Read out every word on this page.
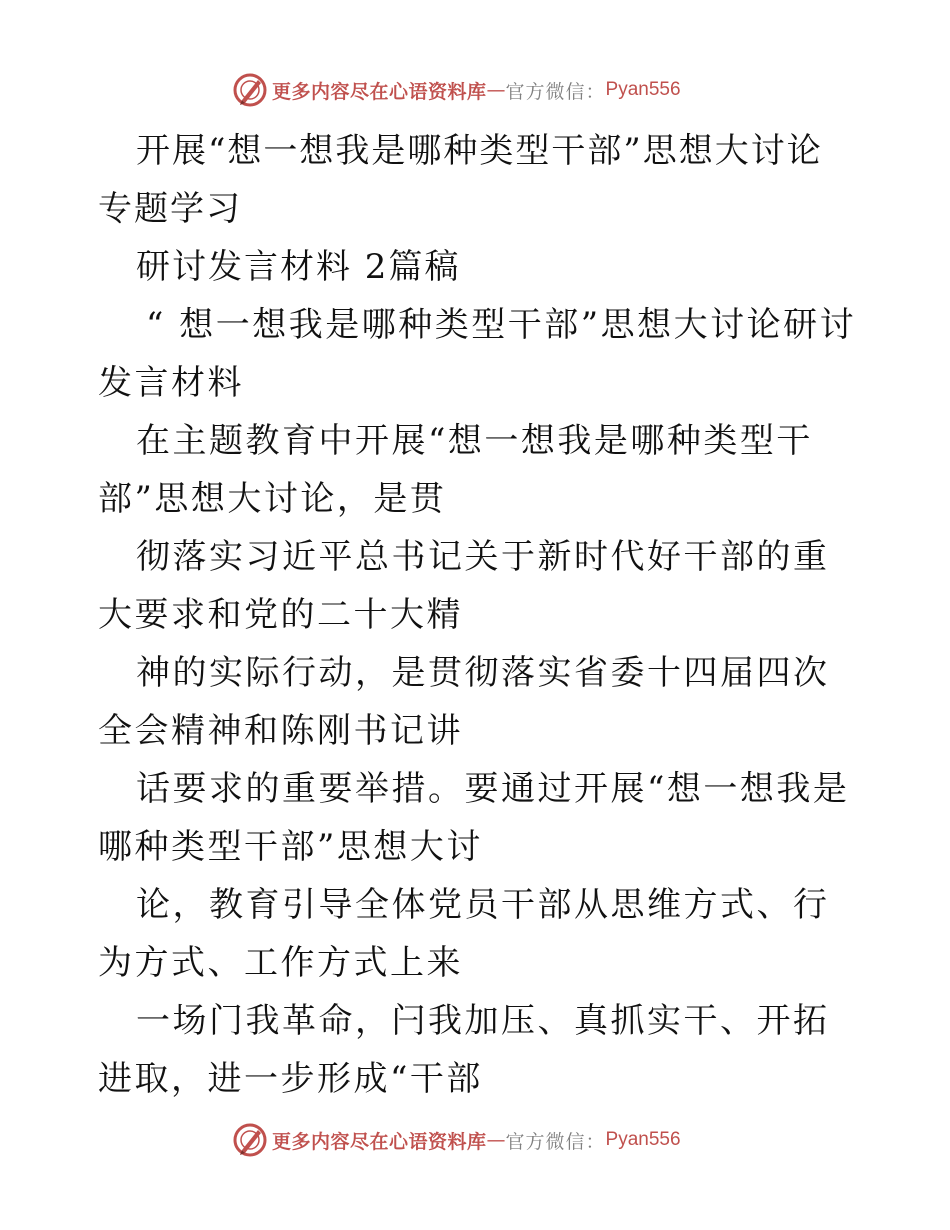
更多内容尽在心语资料库 — 官方微信： Pyan556

开展“想一想我是哪种类型干部”思想大讨论专题学习

研讨发言材料 2篇稿

“ 想一想我是哪种类型干部”思想大讨论研讨发言材料

在主题教育中开展“想一想我是哪种类型干部”思想大讨论，是贯

彻落实习近平总书记关于新时代好干部的重大要求和党的二十大精

神的实际行动，是贯彻落实省委十四届四次全会精神和陈刚书记讲

话要求的重要举措。要通过开展“想一想我是哪种类型干部”思想大讨

论，教育引导全体党员干部从思维方式、行为方式、工作方式上来

一场门我革命，闩我加压、真抓实干、开拓进取，进一步形成“干部

更多内容尽在心语资料库 — 官方微信： Pyan556
